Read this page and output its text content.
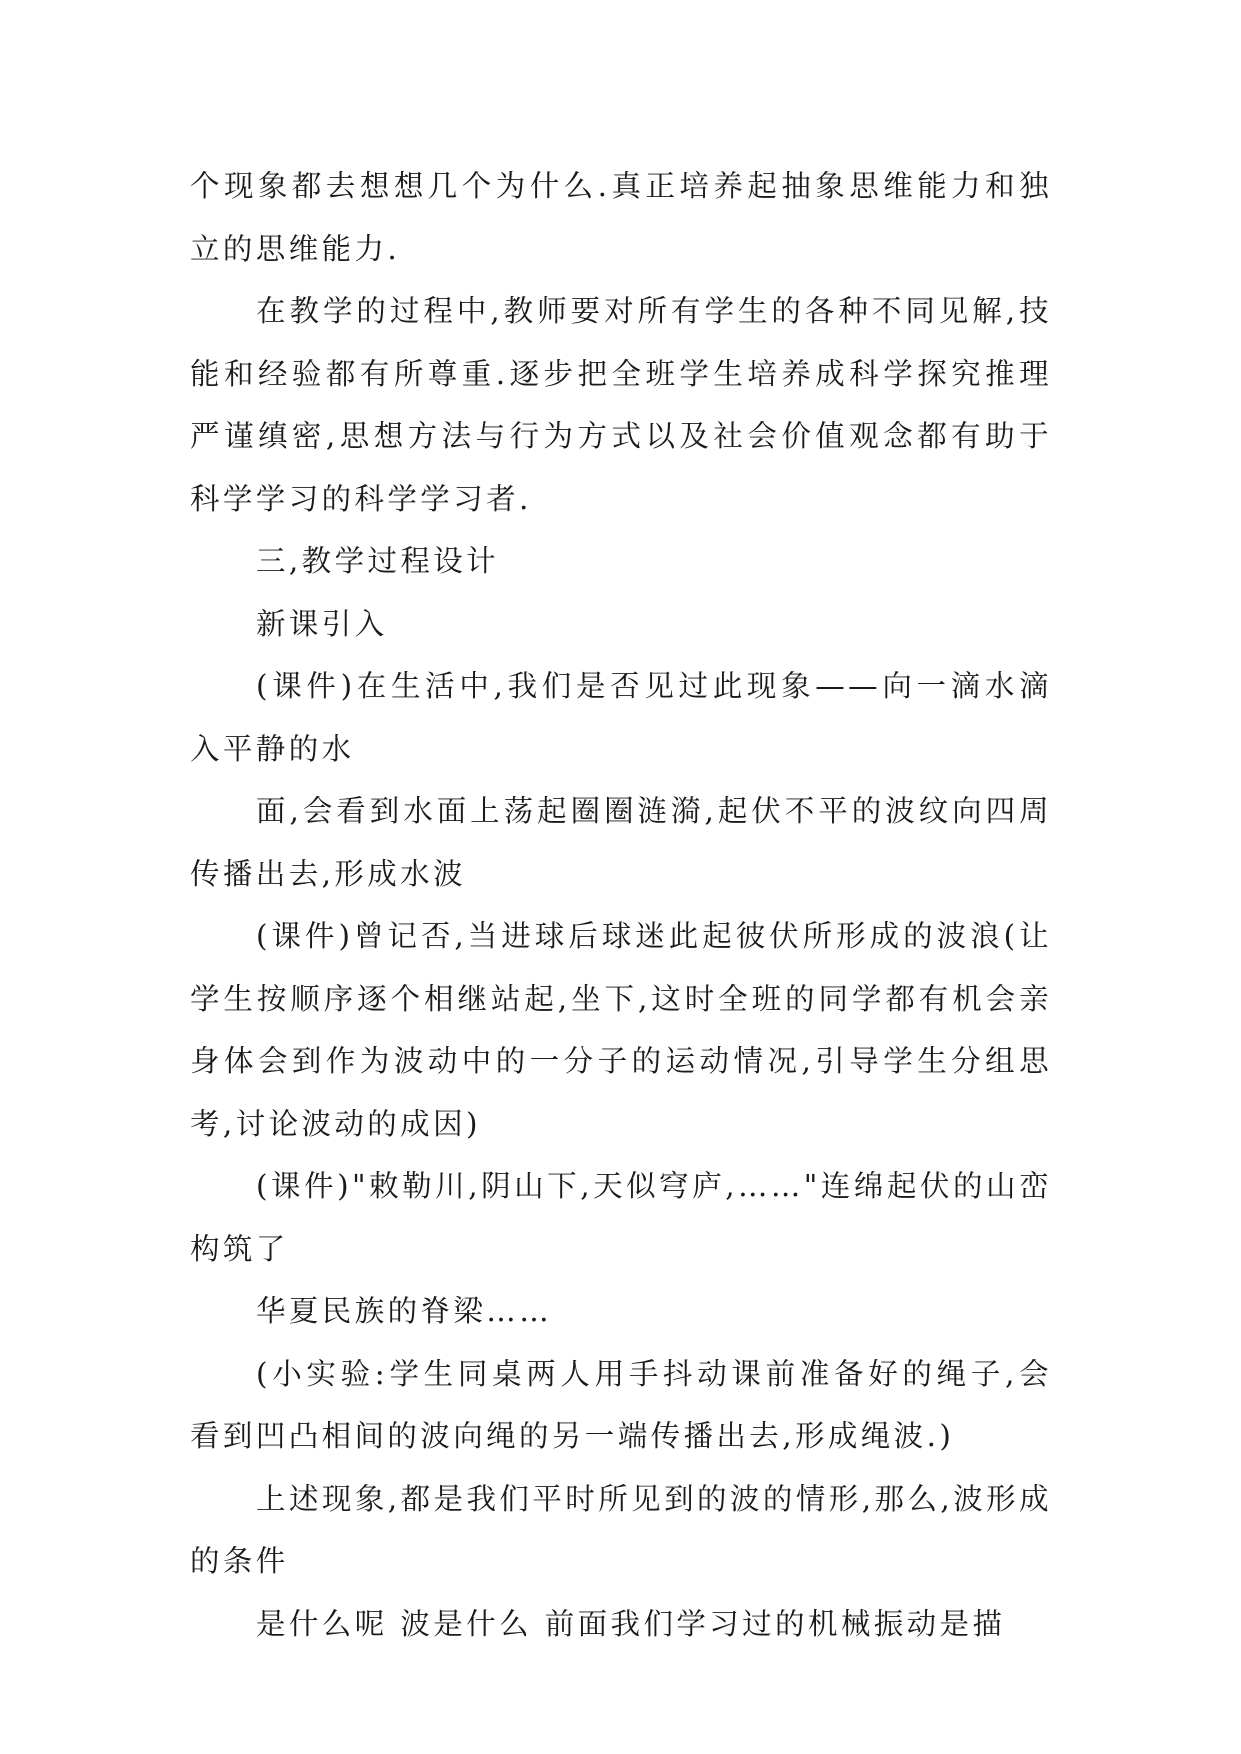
个现象都去想想几个为什么.真正培养起抽象思维能力和独立的思维能力.

在教学的过程中,教师要对所有学生的各种不同见解,技能和经验都有所尊重.逐步把全班学生培养成科学探究推理严谨缜密,思想方法与行为方式以及社会价值观念都有助于科学学习的科学学习者.

三,教学过程设计

新课引入

(课件)在生活中,我们是否见过此现象——向一滴水滴入平静的水

面,会看到水面上荡起圈圈涟漪,起伏不平的波纹向四周传播出去,形成水波

(课件)曾记否,当进球后球迷此起彼伏所形成的波浪(让学生按顺序逐个相继站起,坐下,这时全班的同学都有机会亲身体会到作为波动中的一分子的运动情况,引导学生分组思考,讨论波动的成因)

(课件)"敕勒川,阴山下,天似穹庐,……"连绵起伏的山峦构筑了

华夏民族的脊梁……

(小实验:学生同桌两人用手抖动课前准备好的绳子,会看到凹凸相间的波向绳的另一端传播出去,形成绳波.)

上述现象,都是我们平时所见到的波的情形,那么,波形成的条件

是什么呢 波是什么 前面我们学习过的机械振动是描
